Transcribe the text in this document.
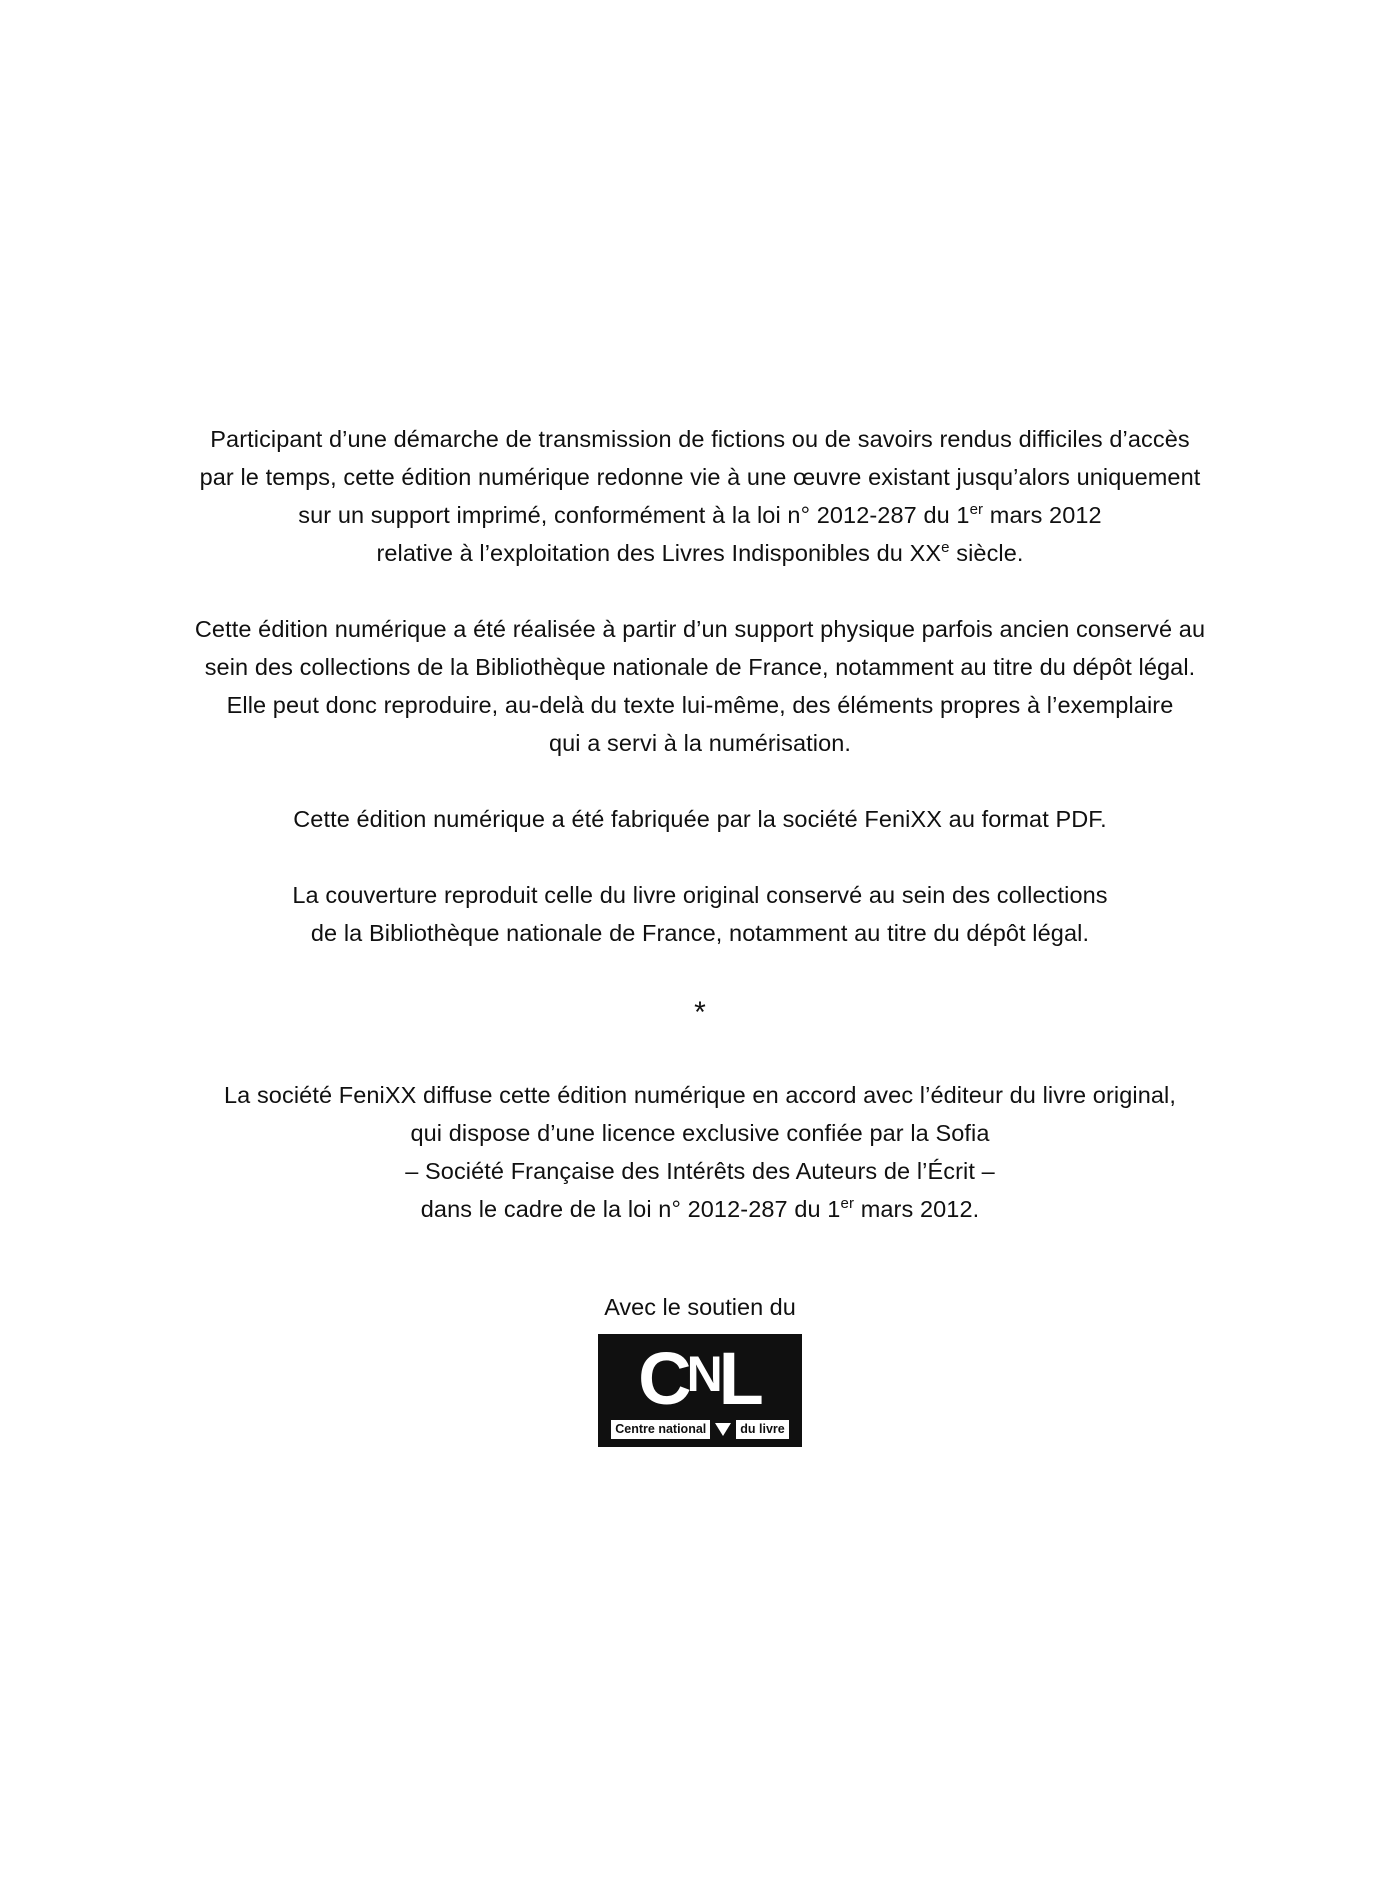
Participant d’une démarche de transmission de fictions ou de savoirs rendus difficiles d’accès
par le temps, cette édition numérique redonne vie à une œuvre existant jusqu’alors uniquement
sur un support imprimé, conformément à la loi n° 2012-287 du 1er mars 2012
relative à l’exploitation des Livres Indisponibles du XXe siècle.
Cette édition numérique a été réalisée à partir d’un support physique parfois ancien conservé au
sein des collections de la Bibliothèque nationale de France, notamment au titre du dépôt légal.
Elle peut donc reproduire, au-delà du texte lui-même, des éléments propres à l’exemplaire
qui a servi à la numérisation.
Cette édition numérique a été fabriquée par la société FeniXX au format PDF.
La couverture reproduit celle du livre original conservé au sein des collections
de la Bibliothèque nationale de France, notamment au titre du dépôt légal.
*
La société FeniXX diffuse cette édition numérique en accord avec l’éditeur du livre original,
qui dispose d’une licence exclusive confiée par la Sofia
– Société Française des Intérêts des Auteurs de l’Écrit –
dans le cadre de la loi n° 2012-287 du 1er mars 2012.
Avec le soutien du
C
N
L
Centre national	du livre
